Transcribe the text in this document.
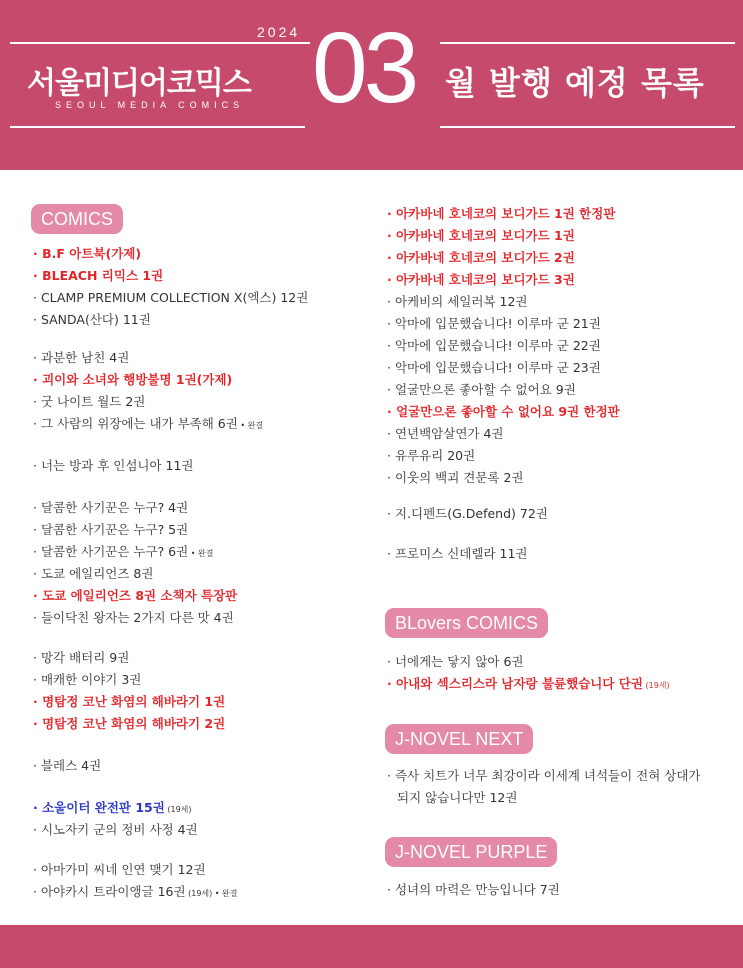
2024
서울미디어코믹스
SEOUL MEDIA COMICS 03 월 발행 예정 목록
COMICS
BLovers COMICS
J-NOVEL NEXT
J-NOVEL PURPLE
· B.F 아트북(가제)
· BLEACH 리믹스 1권
· CLAMP PREMIUM COLLECTION X(엑스) 12권
· SANDA(산다) 11권
· 과분한 남친 4권
· 괴이와 소녀와 행방불명 1권(가제)
· 굿 나이트 월드 2권
· 그 사람의 위장에는 내가 부족해 6권 • 완결
· 너는 방과 후 인섬니아 11권
· 달콤한 사기꾼은 누구? 4권
· 달콤한 사기꾼은 누구? 5권
· 달콤한 사기꾼은 누구? 6권 • 완결
· 도쿄 에일리언즈 8권
· 도쿄 에일리언즈 8권 소책자 특장판
· 들이닥친 왕자는 2가지 다른 맛 4권
· 망각 배터리 9권
· 매캐한 이야기 3권
· 명탐정 코난 화염의 해바라기 1권
· 명탐정 코난 화염의 해바라기 2권
· 블레스 4권
· 소울이터 완전판 15권 (19세)
· 시노자키 군의 정비 사정 4권
· 아마가미 씨네 인연 맺기 12권
· 아야카시 트라이앵글 16권 (19세) • 완결
· 아카바네 호네코의 보디가드 1권 한정판
· 아카바네 호네코의 보디가드 1권
· 아카바네 호네코의 보디가드 2권
· 아카바네 호네코의 보디가드 3권
· 아케비의 세일러복 12권
· 악마에 입문했습니다! 이루마 군 21권
· 악마에 입문했습니다! 이루마 군 22권
· 악마에 입문했습니다! 이루마 군 23권
· 얼굴만으론 좋아할 수 없어요 9권
· 얼굴만으론 좋아할 수 없어요 9권 한정판
· 연년백암살연가 4권
· 유루유리 20권
· 이웃의 백괴 견문록 2권
· 지.디펜드(G.Defend) 72권
· 프로미스 신데렐라 11권
· 너에게는 닿지 않아 6권
· 아내와 섹스리스라 남자랑 불륜했습니다 단권 (19세)
· 즉사 치트가 너무 최강이라 이세계 녀석들이 전혀 상대가
되지 않습니다만 12권
· 성녀의 마력은 만능입니다 7권
